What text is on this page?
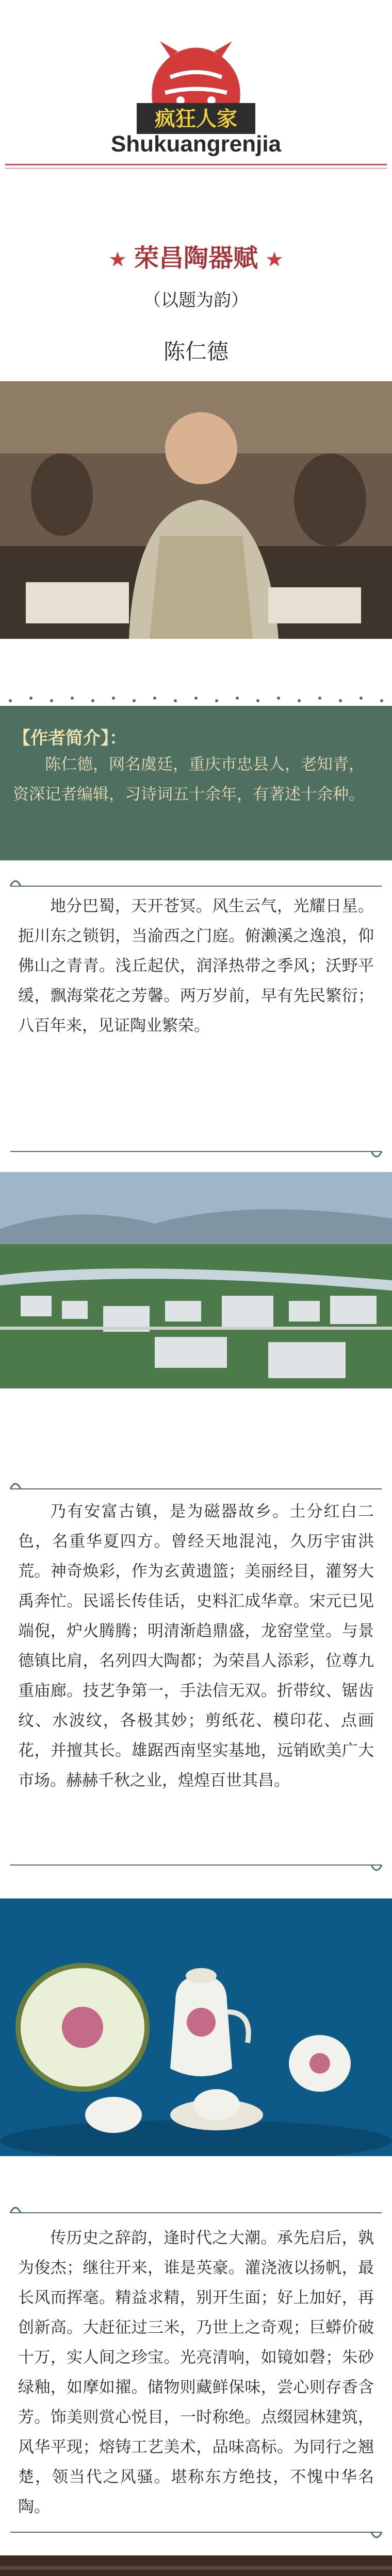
疯狂人家
Shukuangrenjia
★ 荣昌陶器赋 ★
（以题为韵）
陈仁德
【作者简介】：
陈仁德，网名虞廷，重庆市忠县人，老知青，资深记者编辑，习诗词五十余年，有著述十余种。
地分巴蜀，天开苍冥。风生云气，光耀日星。扼川东之锁钥，当渝西之门庭。俯濑溪之逸浪，仰佛山之青青。浅丘起伏，润泽热带之季风；沃野平缓，飘海棠花之芳馨。两万岁前，早有先民繁衍；八百年来，见证陶业繁荣。
乃有安富古镇，是为磁器故乡。土分红白二色，名重华夏四方。曾经天地混沌，久历宇宙洪荒。神奇焕彩，作为玄黄遗篮；美丽经目，灌努大禹奔忙。民谣长传佳话，史料汇成华章。宋元已见端倪，炉火腾腾；明清渐趋鼎盛，龙窑堂堂。与景德镇比肩，名列四大陶都；为荣昌人添彩，位尊九重庙廊。技艺争第一，手法信无双。折带纹、锯齿纹、水波纹，各极其妙；剪纸花、模印花、点画花，并擅其长。雄踞西南坚实基地，远销欧美广大市场。赫赫千秋之业，煌煌百世其昌。
传历史之辞韵，逢时代之大潮。承先启后，孰为俊杰；继往开来，谁是英豪。灌浇液以扬帆，最长风而挥毫。精益求精，别开生面；好上加好，再创新高。大赶征过三米，乃世上之奇观；巨蟒价破十万，实人间之珍宝。光亮清响，如镜如磬；朱砂绿釉，如摩如擢。储物则藏鲜保味，尝心则存香含芳。饰美则赏心悦目，一时称绝。点缀园林建筑，风华平现；熔铸工艺美术，品味高标。为同行之翘楚，领当代之风骚。堪称东方绝技，不愧中华名陶。
